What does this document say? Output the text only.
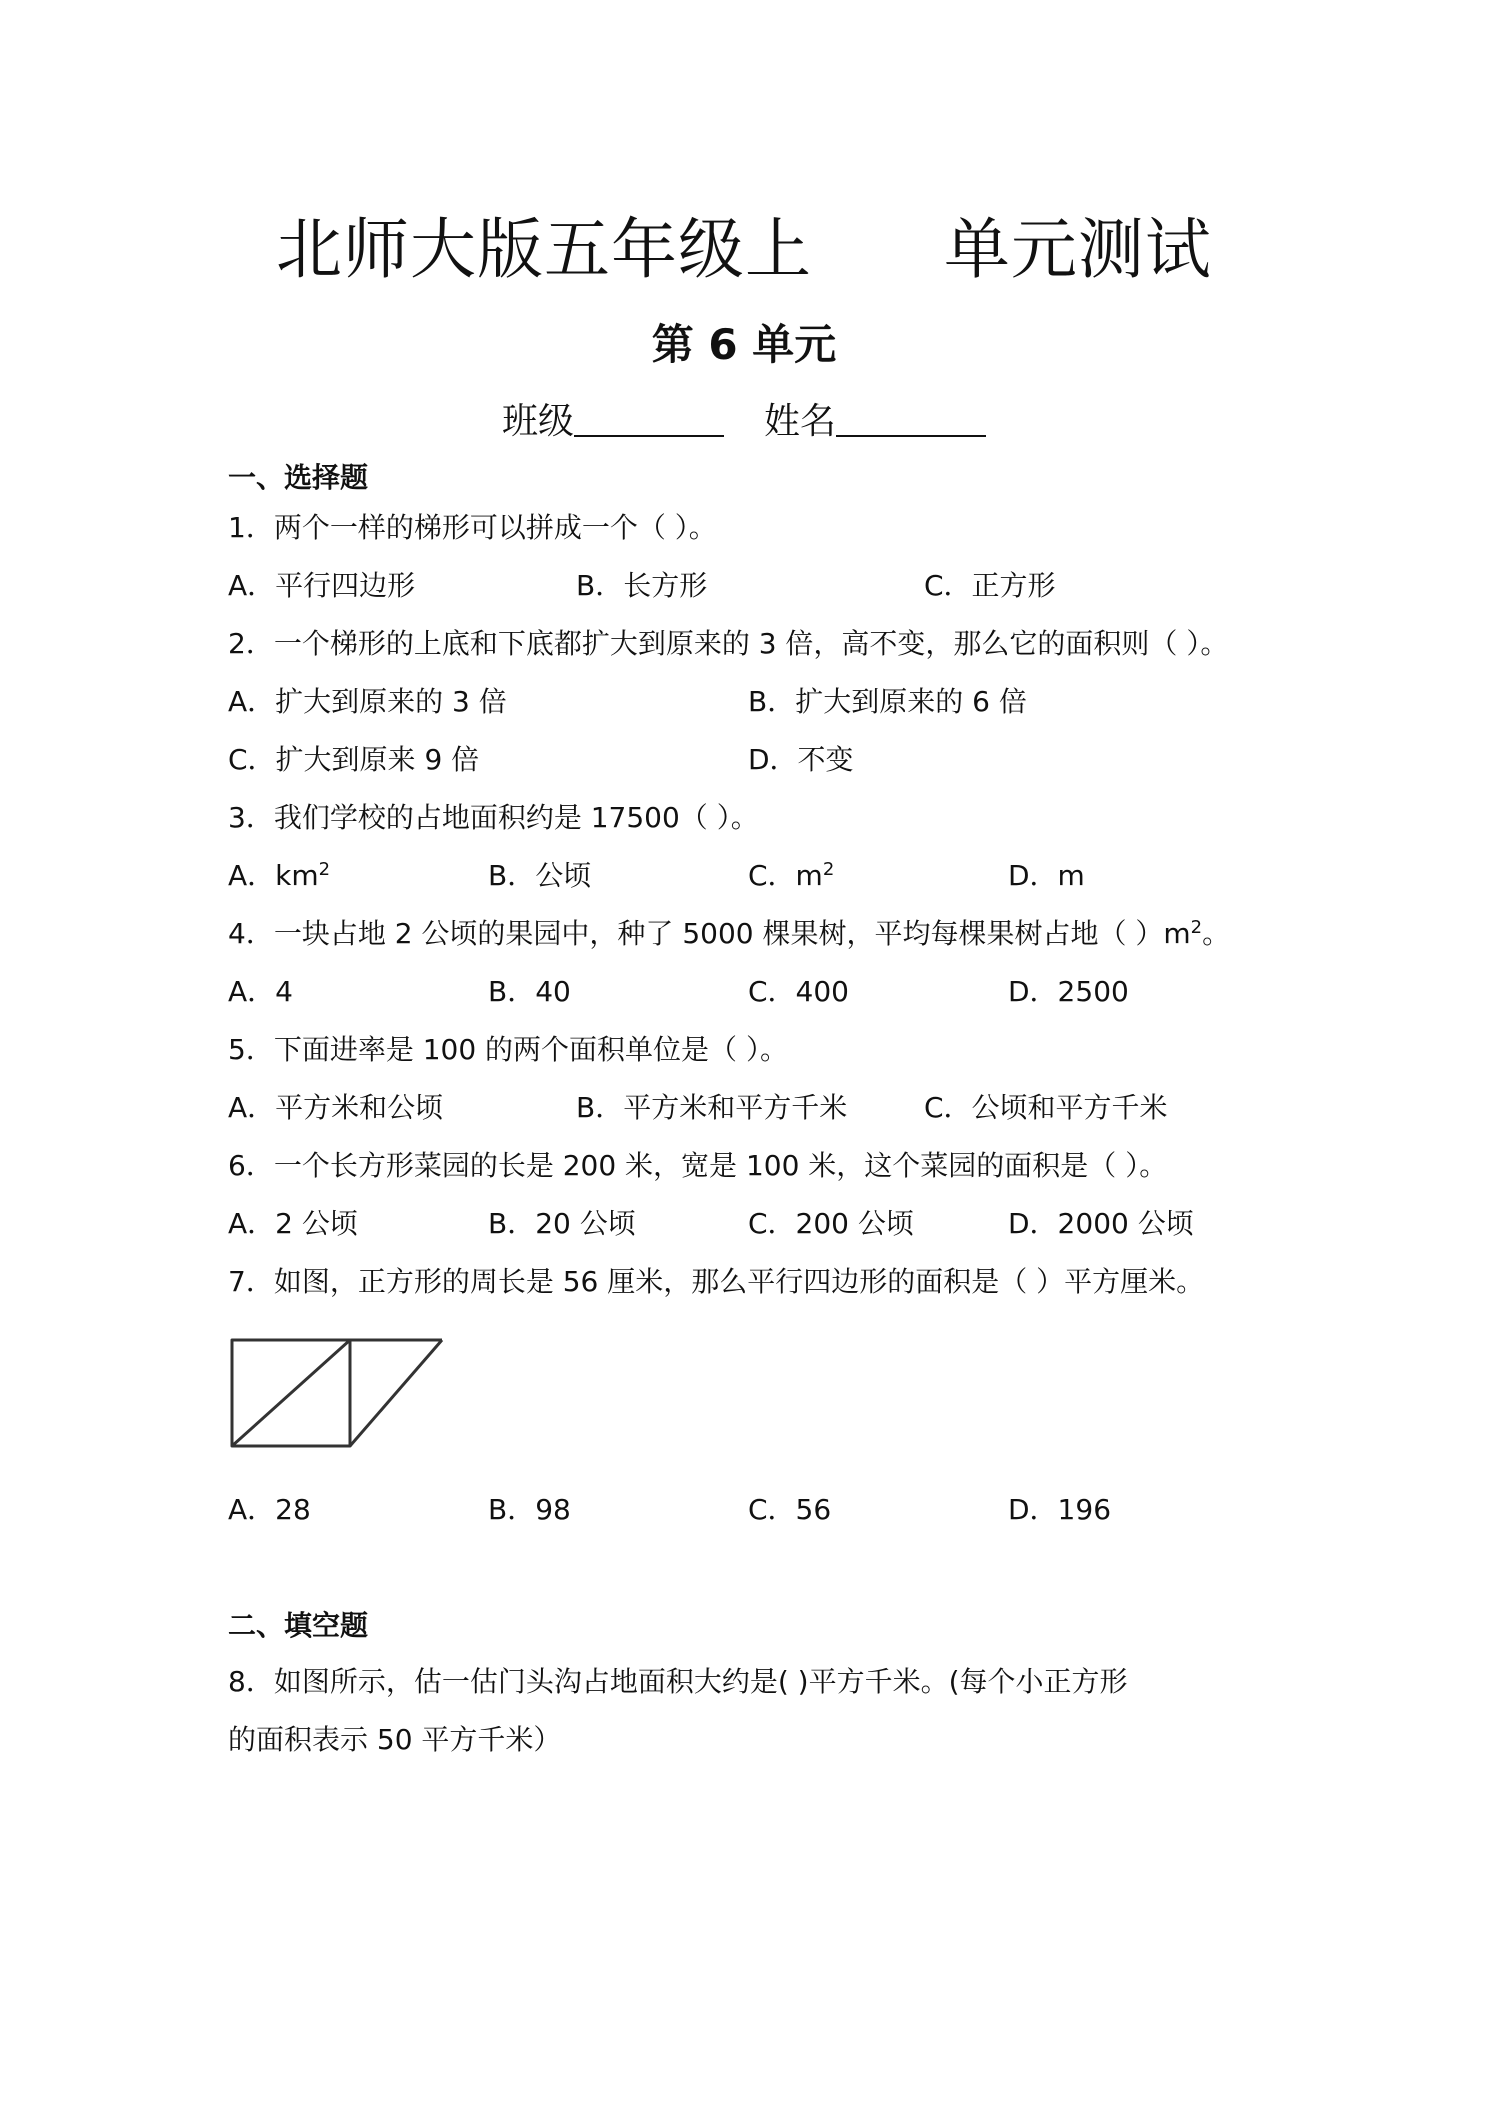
北师大版五年级上      单元测试
第 6 单元
班级	姓名
一、选择题
1．两个一样的梯形可以拼成一个（ ）。
A．平行四边形	B．长方形	C．正方形
2．一个梯形的上底和下底都扩大到原来的 3 倍，高不变，那么它的面积则（ ）。
A．扩大到原来的 3 倍	B．扩大到原来的 6 倍
C．扩大到原来 9 倍	D．不变
3．我们学校的占地面积约是 17500（ ）。
A．$km^2$	B．公顷	C．$m^2$	D．m
4．一块占地 2 公顷的果园中，种了 5000 棵果树，平均每棵果树占地（ ）$m^2$。
A．4	B．40	C．400	D．2500
5．下面进率是 100 的两个面积单位是（ ）。
A．平方米和公顷	B．平方米和平方千米	C．公顷和平方千米
6．一个长方形菜园的长是 200 米，宽是 100 米，这个菜园的面积是（ ）。
A．2 公顷	B．20 公顷	C．200 公顷	D．2000 公顷
7．如图，正方形的周长是 56 厘米，那么平行四边形的面积是（ ）平方厘米。
A．28	B．98	C．56	D．196
二、填空题
8．如图所示，估一估门头沟占地面积大约是( )平方千米。(每个小正方形
的面积表示 50 平方千米）
